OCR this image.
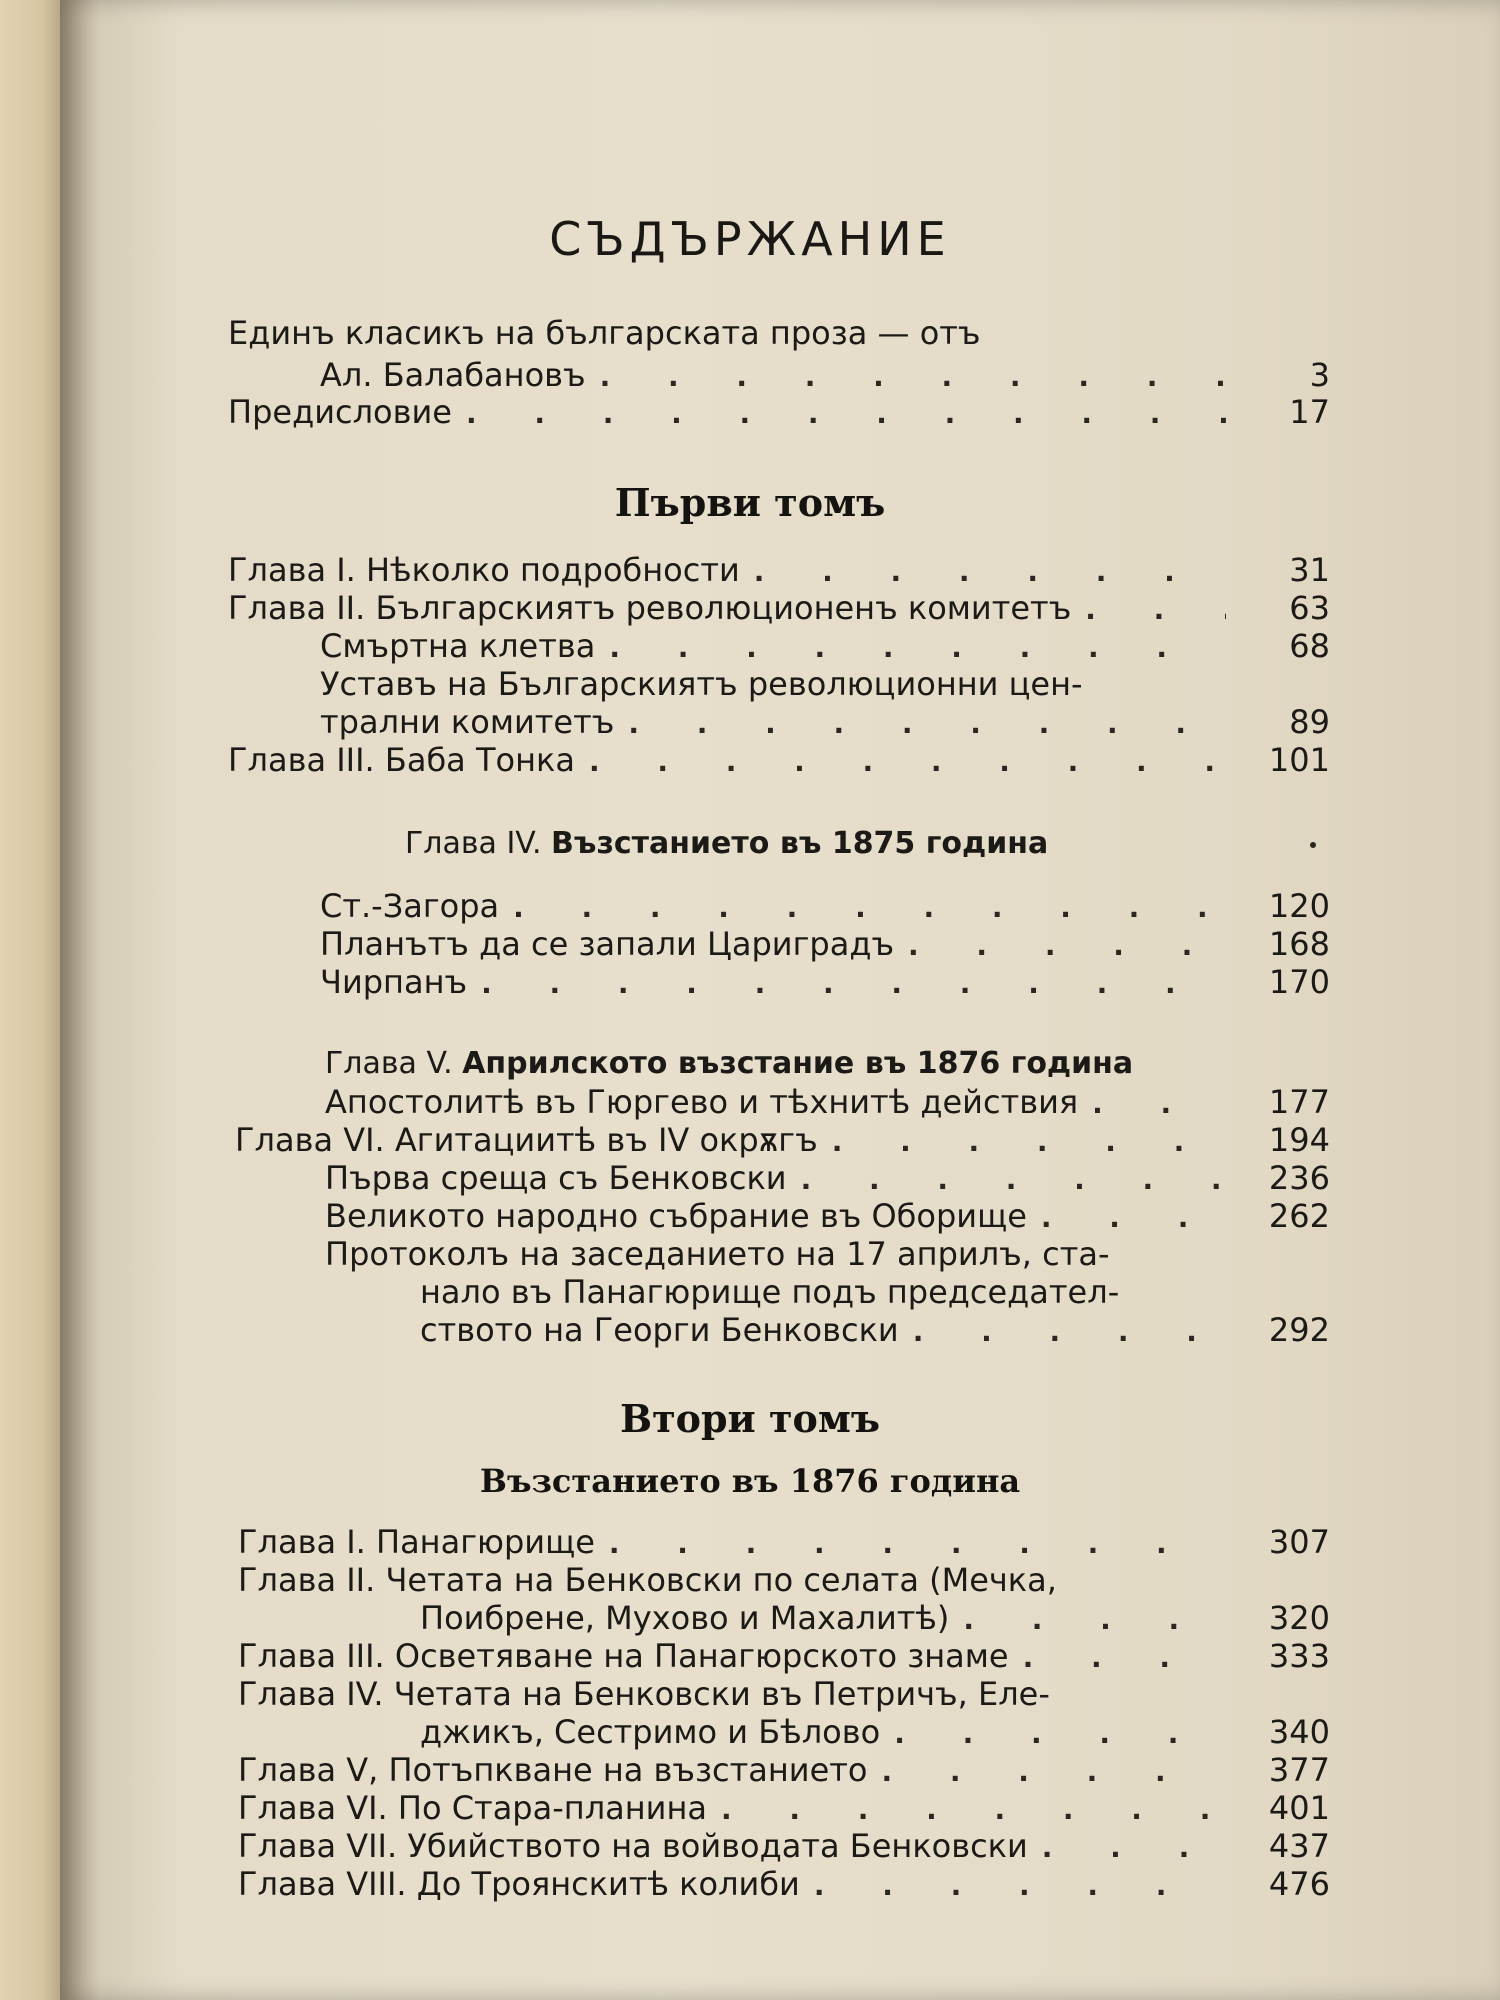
СЪДЪРЖАНИЕ
Единъ класикъ на българската проза — отъ
Ал. Балабановъ . . .	3
Предисловие . . .	17
Първи томъ
Глава I. Нѣколко подробности . . .	31
Глава II. Българскиятъ революционенъ комитетъ . . .	63
Смъртна клетва . . .	68
Уставъ на Българскиятъ революционни цен-
трални комитетъ . . .	89
Глава III. Баба Тонка . . .	101
Глава IV. Възстанието въ 1875 година
Ст.-Загора . . .	120
Планътъ да се запали Цариградъ . . .	168
Чирпанъ . . .	170
Глава V. Априлското възстание въ 1876 година
Апостолитѣ въ Гюргево и тѣхнитѣ действия . . .	177
Глава VI. Агитациитѣ въ IV окрѫгъ . . .	194
Първа среща съ Бенковски . . .	236
Великото народно събрание въ Оборище . . .	262
Протоколъ на заседанието на 17 априлъ, ста-
нало въ Панагюрище подъ председател-
ството на Георги Бенковски . . .	292
Втори томъ
Възстанието въ 1876 година
Глава I. Панагюрище . . .	307
Глава II. Четата на Бенковски по селата (Мечка,
Поибрене, Мухово и Махалитѣ) . . .	320
Глава III. Осветяване на Панагюрското знаме . . .	333
Глава IV. Четата на Бенковски въ Петричъ, Еле-
джикъ, Сестримо и Бѣлово . . .	340
Глава V, Потъпкване на възстанието . . .	377
Глава VI. По Стара-планина . . .	401
Глава VII. Убийството на войводата Бенковски . . .	437
Глава VIII. До Троянскитѣ колиби . . .	476
